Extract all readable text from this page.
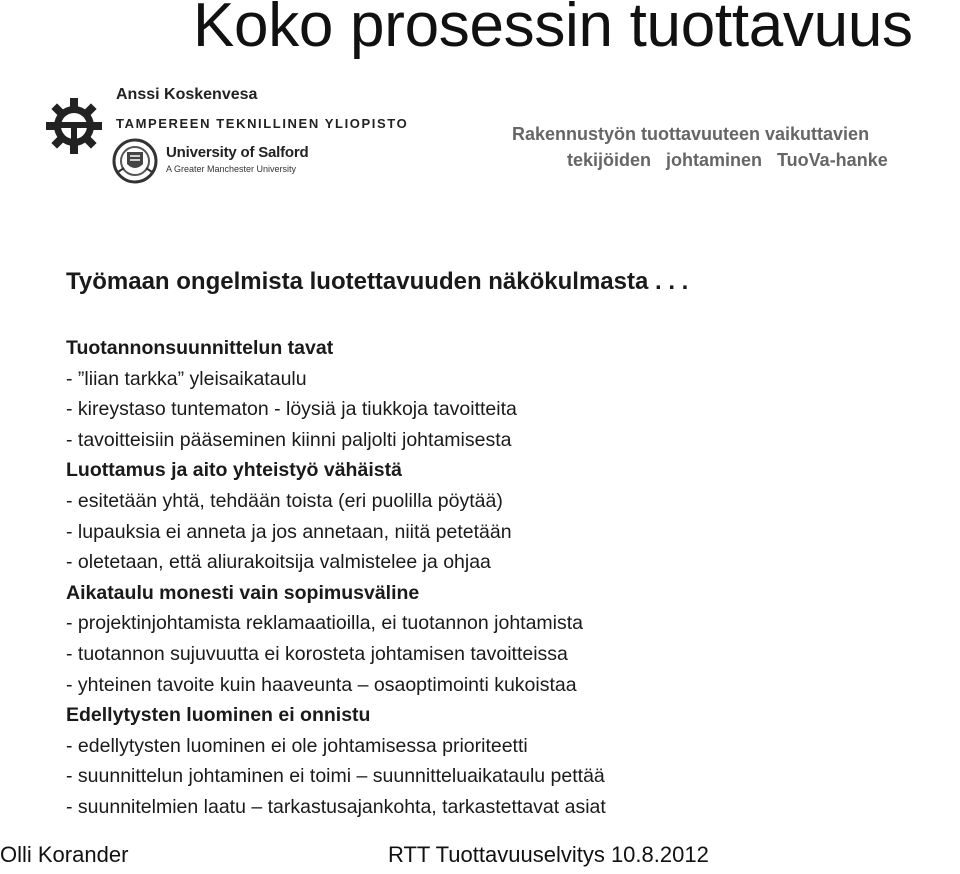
Koko prosessin tuottavuus
Anssi Koskenvesa
TAMPEREEN TEKNILLINEN YLIOPISTO
University of Salford
A Greater Manchester University
Rakennustyön tuottavuuteen vaikuttavien
tekijöiden johtaminen TuoVa-hanke
Työmaan ongelmista luotettavuuden näkökulmasta . . .
Tuotannonsuunnittelun tavat
- ”liian tarkka” yleisaikataulu
- kireystaso tuntematon - löysiä ja tiukkoja tavoitteita
- tavoitteisiin pääseminen kiinni paljolti johtamisesta
Luottamus ja aito yhteistyö vähäistä
- esitetään yhtä, tehdään toista (eri puolilla pöytää)
- lupauksia ei anneta ja jos annetaan, niitä petetään
- oletetaan, että aliurakoitsija valmistelee ja ohjaa
Aikataulu monesti vain sopimusväline
- projektinjohtamista reklamaatioilla, ei tuotannon johtamista
- tuotannon sujuvuutta ei korosteta johtamisen tavoitteissa
- yhteinen tavoite kuin haaveunta – osaoptimointi kukoistaa
Edellytysten luominen ei onnistu
- edellytysten luominen ei ole johtamisessa prioriteetti
- suunnittelun johtaminen ei toimi – suunnitteluaikataulu pettää
- suunnitelmien laatu – tarkastusajankohta, tarkastettavat asiat
Olli Korander	RTT Tuottavuuselvitys 10.8.2012
